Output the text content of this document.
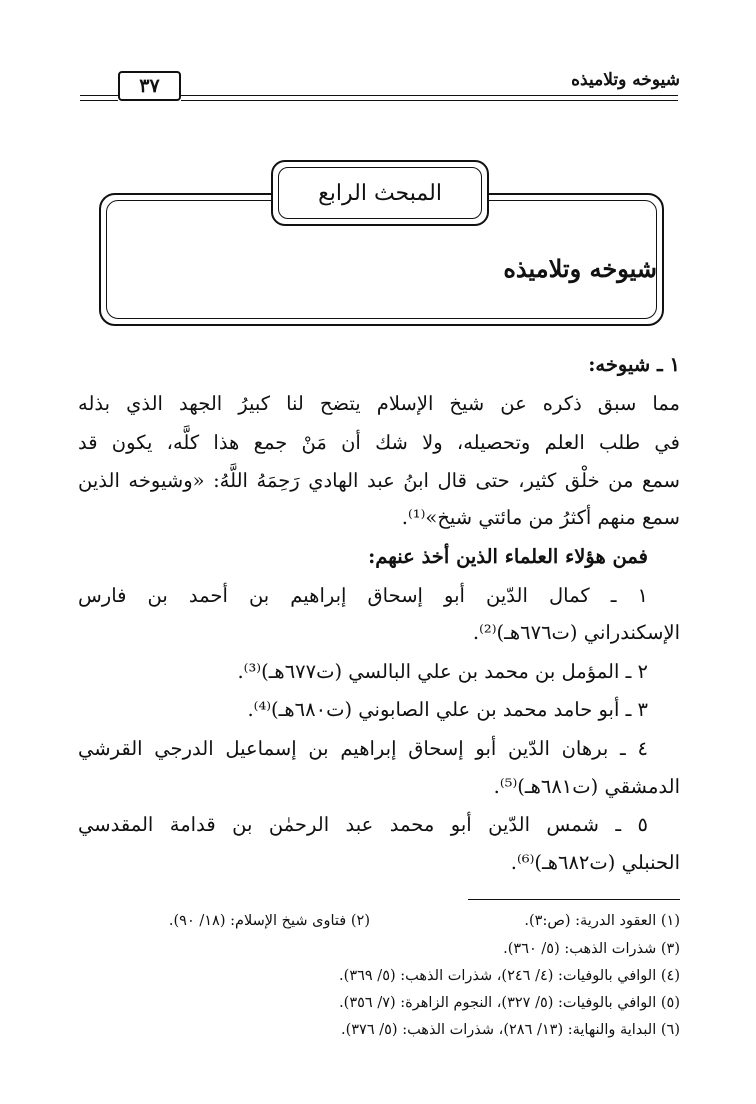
شيوخه وتلاميذه
٣٧
المبحث الرابع
شيوخه وتلاميذه
١ ـ شيوخه:
مما سبق ذكره عن شيخ الإسلام يتضح لنا كبيرُ الجهد الذي بذله
في طلب العلم وتحصيله، ولا شك أن مَنْ جمع هذا كلَّه، يكون قد
سمع من خلْق كثير، حتى قال ابنُ عبد الهادي رَحِمَهُ اللَّهُ: «وشيوخه الذين
سمع منهم أكثرُ من مائتي شيخ»⁽¹⁾.
فمن هؤلاء العلماء الذين أخذ عنهم:
١ ـ كمال الدّين أبو إسحاق إبراهيم بن أحمد بن فارس
الإسكندراني (ت٦٧٦هـ)⁽²⁾.
٢ ـ المؤمل بن محمد بن علي البالسي (ت٦٧٧هـ)⁽³⁾.
٣ ـ أبو حامد محمد بن علي الصابوني (ت٦٨٠هـ)⁽⁴⁾.
٤ ـ برهان الدّين أبو إسحاق إبراهيم بن إسماعيل الدرجي القرشي
الدمشقي (ت٦٨١هـ)⁽⁵⁾.
٥ ـ شمس الدّين أبو محمد عبد الرحمٰن بن قدامة المقدسي
الحنبلي (ت٦٨٢هـ)⁽⁶⁾.
(١) العقود الدرية: (ص:٣).
(٢) فتاوى شيخ الإسلام: (١٨/ ٩٠).
(٣) شذرات الذهب: (٥/ ٣٦٠).
(٤) الوافي بالوفيات: (٤/ ٢٤٦)، شذرات الذهب: (٥/ ٣٦٩).
(٥) الوافي بالوفيات: (٥/ ٣٢٧)، النجوم الزاهرة: (٧/ ٣٥٦).
(٦) البداية والنهاية: (١٣/ ٢٨٦)، شذرات الذهب: (٥/ ٣٧٦).
